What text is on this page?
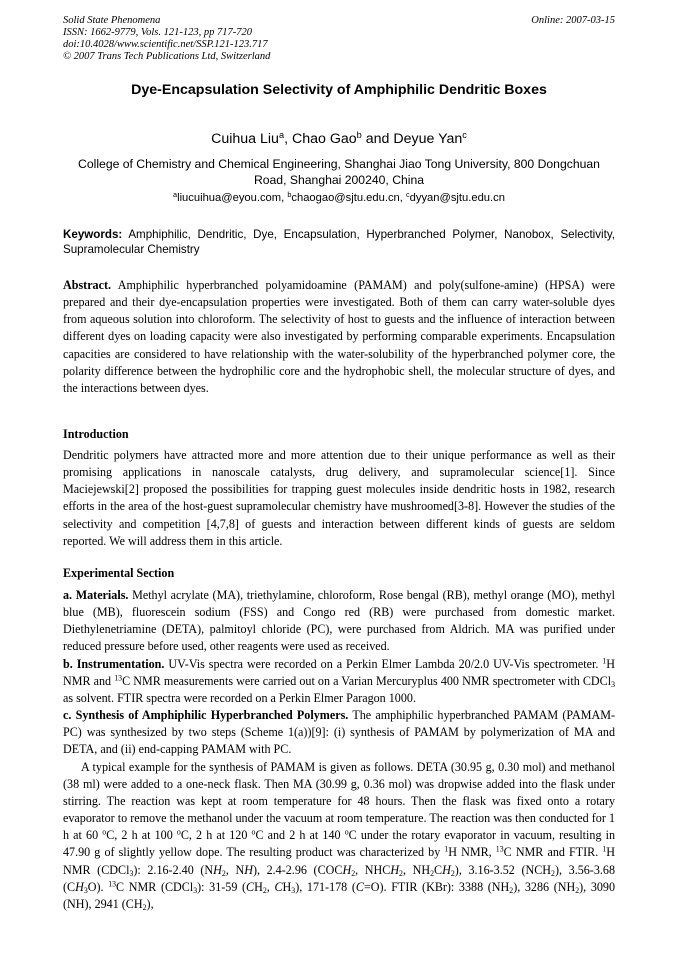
Solid State Phenomena
ISSN: 1662-9779, Vols. 121-123, pp 717-720
doi:10.4028/www.scientific.net/SSP.121-123.717
© 2007 Trans Tech Publications Ltd, Switzerland
Online: 2007-03-15
Dye-Encapsulation Selectivity of Amphiphilic Dendritic Boxes
Cuihua Liu$^a$, Chao Gao$^b$ and Deyue Yan$^c$
College of Chemistry and Chemical Engineering, Shanghai Jiao Tong University, 800 Dongchuan Road, Shanghai 200240, China
$^a$liucuihua@eyou.com, $^b$chaogao@sjtu.edu.cn, $^c$dyyan@sjtu.edu.cn
Keywords: Amphiphilic, Dendritic, Dye, Encapsulation, Hyperbranched Polymer, Nanobox, Selectivity, Supramolecular Chemistry
Abstract. Amphiphilic hyperbranched polyamidoamine (PAMAM) and poly(sulfone-amine) (HPSA) were prepared and their dye-encapsulation properties were investigated. Both of them can carry water-soluble dyes from aqueous solution into chloroform. The selectivity of host to guests and the influence of interaction between different dyes on loading capacity were also investigated by performing comparable experiments. Encapsulation capacities are considered to have relationship with the water-solubility of the hyperbranched polymer core, the polarity difference between the hydrophilic core and the hydrophobic shell, the molecular structure of dyes, and the interactions between dyes.
Introduction
Dendritic polymers have attracted more and more attention due to their unique performance as well as their promising applications in nanoscale catalysts, drug delivery, and supramolecular science[1]. Since Maciejewski[2] proposed the possibilities for trapping guest molecules inside dendritic hosts in 1982, research efforts in the area of the host-guest supramolecular chemistry have mushroomed[3-8]. However the studies of the selectivity and competition [4,7,8] of guests and interaction between different kinds of guests are seldom reported. We will address them in this article.
Experimental Section
a. Materials. Methyl acrylate (MA), triethylamine, chloroform, Rose bengal (RB), methyl orange (MO), methyl blue (MB), fluorescein sodium (FSS) and Congo red (RB) were purchased from domestic market. Diethylenetriamine (DETA), palmitoyl chloride (PC), were purchased from Aldrich. MA was purified under reduced pressure before used, other reagents were used as received.
b. Instrumentation. UV-Vis spectra were recorded on a Perkin Elmer Lambda 20/2.0 UV-Vis spectrometer. $^1$H NMR and $^{13}$C NMR measurements were carried out on a Varian Mercuryplus 400 NMR spectrometer with CDCl$_3$ as solvent. FTIR spectra were recorded on a Perkin Elmer Paragon 1000.
c. Synthesis of Amphiphilic Hyperbranched Polymers. The amphiphilic hyperbranched PAMAM (PAMAM-PC) was synthesized by two steps (Scheme 1(a))[9]: (i) synthesis of PAMAM by polymerization of MA and DETA, and (ii) end-capping PAMAM with PC.
A typical example for the synthesis of PAMAM is given as follows. DETA (30.95 g, 0.30 mol) and methanol (38 ml) were added to a one-neck flask. Then MA (30.99 g, 0.36 mol) was dropwise added into the flask under stirring. The reaction was kept at room temperature for 48 hours. Then the flask was fixed onto a rotary evaporator to remove the methanol under the vacuum at room temperature. The reaction was then conducted for 1 h at 60 $^o$C, 2 h at 100 $^o$C, 2 h at 120 $^o$C and 2 h at 140 $^o$C under the rotary evaporator in vacuum, resulting in 47.90 g of slightly yellow dope. The resulting product was characterized by $^1$H NMR, $^{13}$C NMR and FTIR. $^1$H NMR (CDCl$_3$): 2.16-2.40 ($NH_2$, NH), 2.4-2.96 ($COCH_2$, $NHCH_2$, $NH_2CH_2$), 3.16-3.52 $(NCH_2)$, 3.56-3.68 $(CH_3O)$. $^{13}$C NMR (CDCl$_3$): 31-59 ($CH_2$, $CH_3$), 171-178 (C=O). FTIR (KBr): 3388 $(NH_2)$, 3286 $(NH_2)$, 3090 (NH), 2941 $(CH_2)$,
